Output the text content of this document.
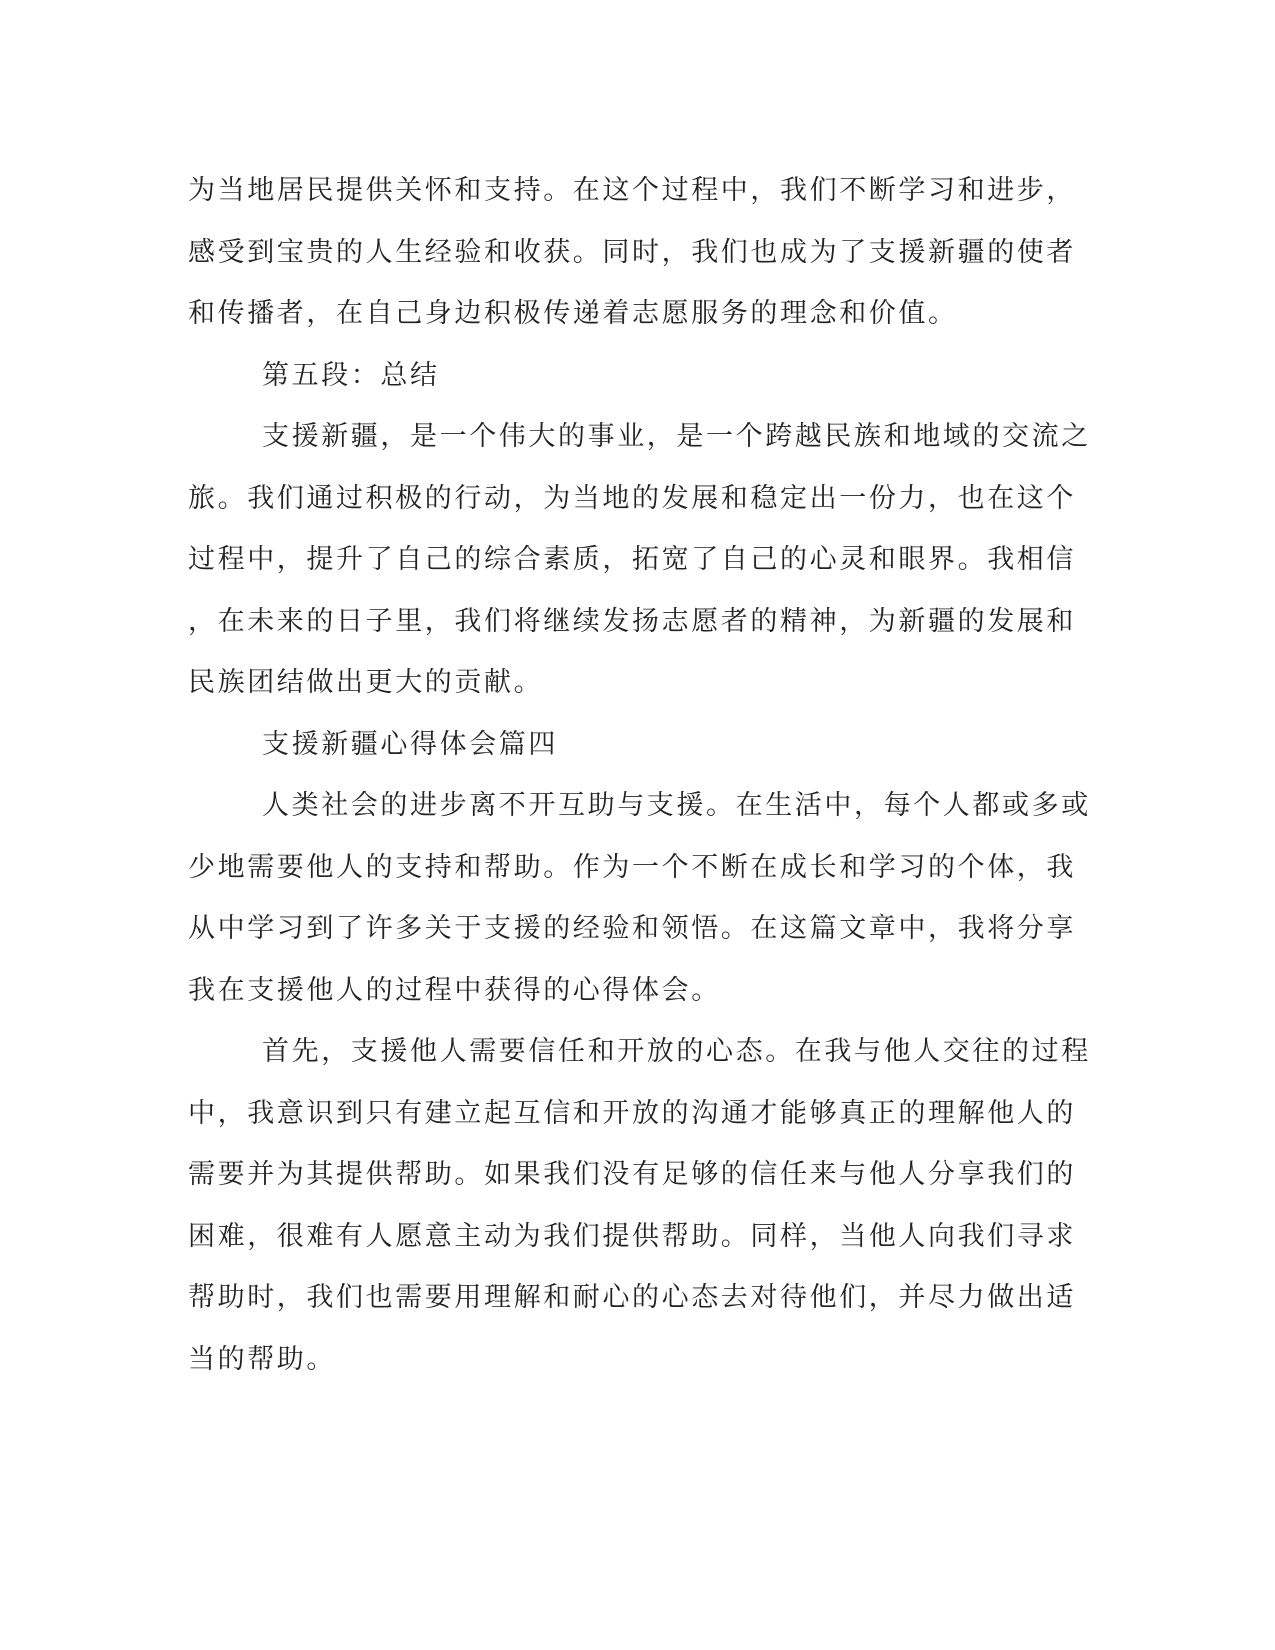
为当地居民提供关怀和支持。在这个过程中，我们不断学习和进步，
感受到宝贵的人生经验和收获。同时，我们也成为了支援新疆的使者
和传播者，在自己身边积极传递着志愿服务的理念和价值。
第五段：总结
支援新疆，是一个伟大的事业，是一个跨越民族和地域的交流之
旅。我们通过积极的行动，为当地的发展和稳定出一份力，也在这个
过程中，提升了自己的综合素质，拓宽了自己的心灵和眼界。我相信
，在未来的日子里，我们将继续发扬志愿者的精神，为新疆的发展和
民族团结做出更大的贡献。
支援新疆心得体会篇四
人类社会的进步离不开互助与支援。在生活中，每个人都或多或
少地需要他人的支持和帮助。作为一个不断在成长和学习的个体，我
从中学习到了许多关于支援的经验和领悟。在这篇文章中，我将分享
我在支援他人的过程中获得的心得体会。
首先，支援他人需要信任和开放的心态。在我与他人交往的过程
中，我意识到只有建立起互信和开放的沟通才能够真正的理解他人的
需要并为其提供帮助。如果我们没有足够的信任来与他人分享我们的
困难，很难有人愿意主动为我们提供帮助。同样，当他人向我们寻求
帮助时，我们也需要用理解和耐心的心态去对待他们，并尽力做出适
当的帮助。
